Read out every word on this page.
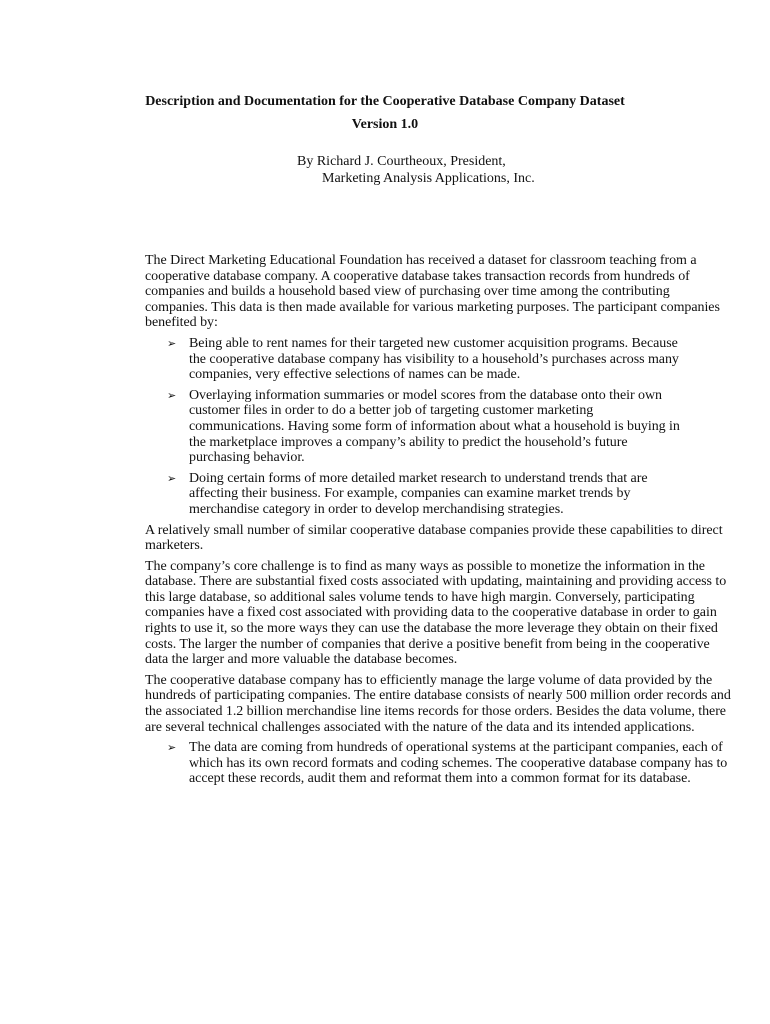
Description and Documentation for the Cooperative Database Company Dataset
Version 1.0
By Richard J. Courtheoux, President,
Marketing Analysis Applications, Inc.

The Direct Marketing Educational Foundation has received a dataset for classroom teaching from a cooperative database company. A cooperative database takes transaction records from hundreds of companies and builds a household based view of purchasing over time among the contributing companies. This data is then made available for various marketing purposes. The participant companies benefited by:

➢ Being able to rent names for their targeted new customer acquisition programs. Because the cooperative database company has visibility to a household’s purchases across many companies, very effective selections of names can be made.
➢ Overlaying information summaries or model scores from the database onto their own customer files in order to do a better job of targeting customer marketing communications. Having some form of information about what a household is buying in the marketplace improves a company’s ability to predict the household’s future purchasing behavior.
➢ Doing certain forms of more detailed market research to understand trends that are affecting their business. For example, companies can examine market trends by merchandise category in order to develop merchandising strategies.

A relatively small number of similar cooperative database companies provide these capabilities to direct marketers.

The company’s core challenge is to find as many ways as possible to monetize the information in the database. There are substantial fixed costs associated with updating, maintaining and providing access to this large database, so additional sales volume tends to have high margin. Conversely, participating companies have a fixed cost associated with providing data to the cooperative database in order to gain rights to use it, so the more ways they can use the database the more leverage they obtain on their fixed costs. The larger the number of companies that derive a positive benefit from being in the cooperative data the larger and more valuable the database becomes.

The cooperative database company has to efficiently manage the large volume of data provided by the hundreds of participating companies. The entire database consists of nearly 500 million order records and the associated 1.2 billion merchandise line items records for those orders. Besides the data volume, there are several technical challenges associated with the nature of the data and its intended applications.

➢ The data are coming from hundreds of operational systems at the participant companies, each of which has its own record formats and coding schemes. The cooperative database company has to accept these records, audit them and reformat them into a common format for its database.
